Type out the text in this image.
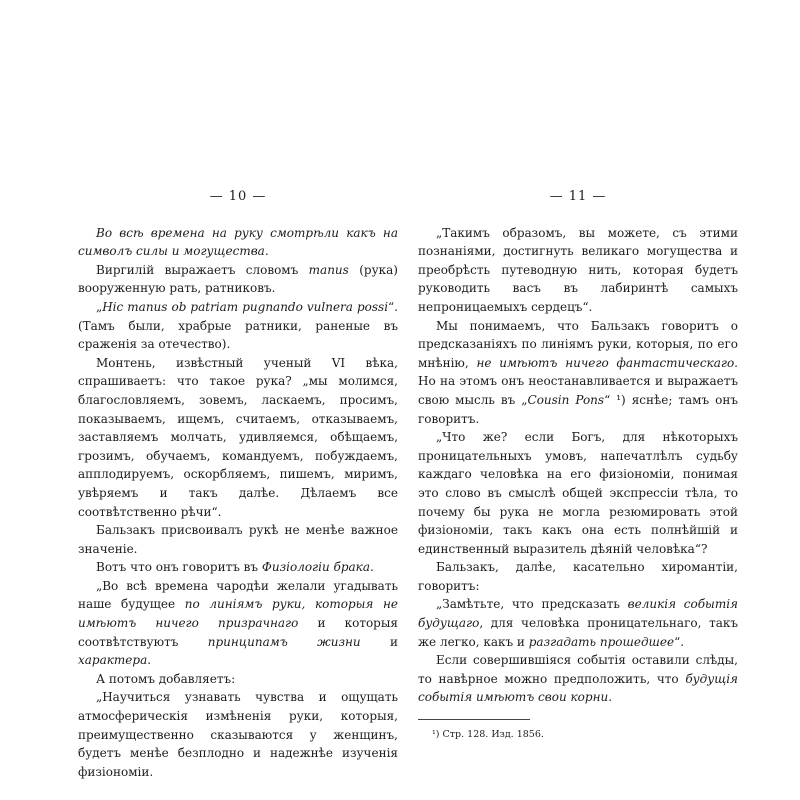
— 10 —

Во всѣ времена на руку смотрѣли какъ на символъ силы и могущества.

Виргилій выражаетъ словомъ manus (рука) вооруженную рать, ратниковъ.

„Hic manus ob patriam pugnando vulnera possi“. (Тамъ были, храбрые ратники, раненые въ сраженія за отечество).

Монтень, извѣстный ученый VI вѣка, спрашиваетъ: что такое рука? „мы молимся, благословляемъ, зовемъ, ласкаемъ, просимъ, показываемъ, ищемъ, считаемъ, отказываемъ, заставляемъ молчать, удивляемся, обѣщаемъ, грозимъ, обучаемъ, командуемъ, побуждаемъ, апплодируемъ, оскорбляемъ, пишемъ, миримъ, увѣряемъ и такъ далѣе. Дѣлаемъ все соотвѣтственно рѣчи“.

Бальзакъ присвоивалъ рукѣ не менѣе важное значеніе.

Вотъ что онъ говоритъ въ Физіологіи брака.

„Во всѣ времена чародѣи желали угадывать наше будущее по линіямъ руки, которыя не имѣютъ ничего призрачнаго и которыя соотвѣтствуютъ принципамъ жизни и характера.

А потомъ добавляетъ:

„Научиться узнавать чувства и ощущать атмосферическія измѣненія руки, которыя, преимущественно сказываются у женщинъ, будетъ менѣе безплодно и надежнѣе изученія физіономіи.

— 11 —

„Такимъ образомъ, вы можете, съ этими познаніями, достигнуть великаго могущества и преобрѣсть путеводную нить, которая будетъ руководить васъ въ лабиринтѣ самыхъ непроницаемыхъ сердецъ“.

Мы понимаемъ, что Бальзакъ говоритъ о предсказаніяхъ по линіямъ руки, которыя, по его мнѣнію, не имѣютъ ничего фантастическаго. Но на этомъ онъ неостанавливается и выражаетъ свою мысль въ „Cousin Pons“ ¹) яснѣе; тамъ онъ говоритъ.

„Что же? если Богъ, для нѣкоторыхъ проницательныхъ умовъ, напечатлѣлъ судьбу каждаго человѣка на его физіономіи, понимая это слово въ смыслѣ общей экспрессіи тѣла, то почему бы рука не могла резюмировать этой физіономіи, такъ какъ она есть полнѣйшій и единственный выразитель дѣяній человѣка“?

Бальзакъ, далѣе, касательно хиромантіи, говоритъ:

„Замѣтьте, что предсказать великія событія будущаго, для человѣка проницательнаго, такъ же легко, какъ и разгадать прошедшее“.

Если совершившіяся событія оставили слѣды, то навѣрное можно предположить, что будущія событія имѣютъ свои корни.

¹) Стр. 128. Изд. 1856.
